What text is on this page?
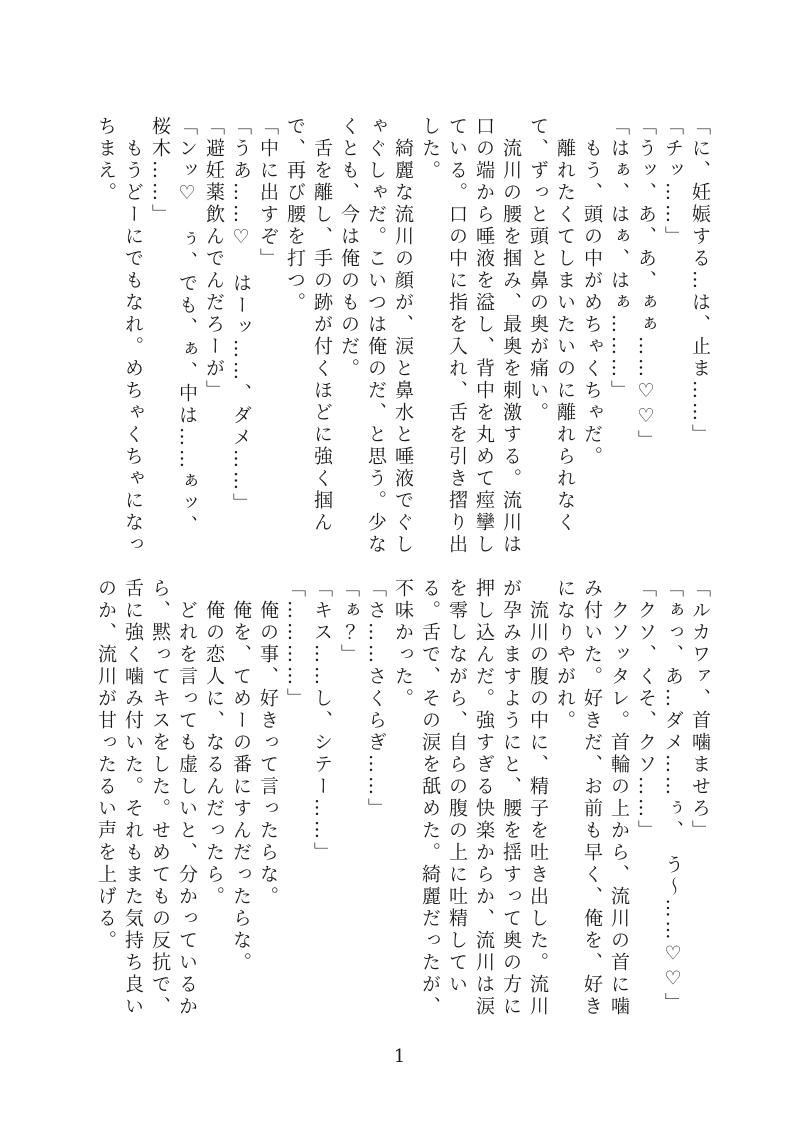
「に、妊娠する…は、止ま……」
「チッ……」
「うッ、あ、あ、ぁぁ……♡♡」
「はぁ、はぁ、はぁ………」
もう、頭の中がめちゃくちゃだ。
離れたくてしまいたいのに離れられなく
て、ずっと頭と鼻の奥が痛い。
流川の腰を掴み、最奥を刺激する。流川は
口の端から唾液を溢し、背中を丸めて痙攣し
ている。口の中に指を入れ、舌を引き摺り出
した。
綺麗な流川の顔が、涙と鼻水と唾液でぐし
ゃぐしゃだ。こいつは俺のだ、と思う。少な
くとも、今は俺のものだ。
舌を離し、手の跡が付くほどに強く掴ん
で、再び腰を打つ。
「中に出すぞ」
「うあ……♡　はーッ……、ダメ……」
「避妊薬飲んでんだろーが」
「ンッ♡　ぅ、でも、ぁ、中は……ぁッ、
桜木……」
もうどーにでもなれ。めちゃくちゃになっ
ちまえ。
「ルカワァ、首噛ませろ」
「ぁっ、あ…ダメ……ぅ、　う〜……♡♡」
「クソ、くそ、クソ……」
クソッタレ。首輪の上から、流川の首に噛
み付いた。好きだ、お前も早く、俺を、好き
になりやがれ。
流川の腹の中に、精子を吐き出した。流川
が孕みますようにと、腰を揺すって奥の方に
押し込んだ。強すぎる快楽からか、流川は涙
を零しながら、自らの腹の上に吐精してい
る。舌で、その涙を舐めた。綺麗だったが、
不味かった。
「さ……さくらぎ……」
「ぁ？」
「キス……し、シテー……」
「…………」
俺の事、好きって言ったらな。
俺を、てめーの番にすんだったらな。
俺の恋人に、なるんだったら。
どれを言っても虚しいと、分かっているか
ら、黙ってキスをした。せめてもの反抗で、
舌に強く噛み付いた。それもまた気持ち良い
のか、流川が甘ったるい声を上げる。
1
